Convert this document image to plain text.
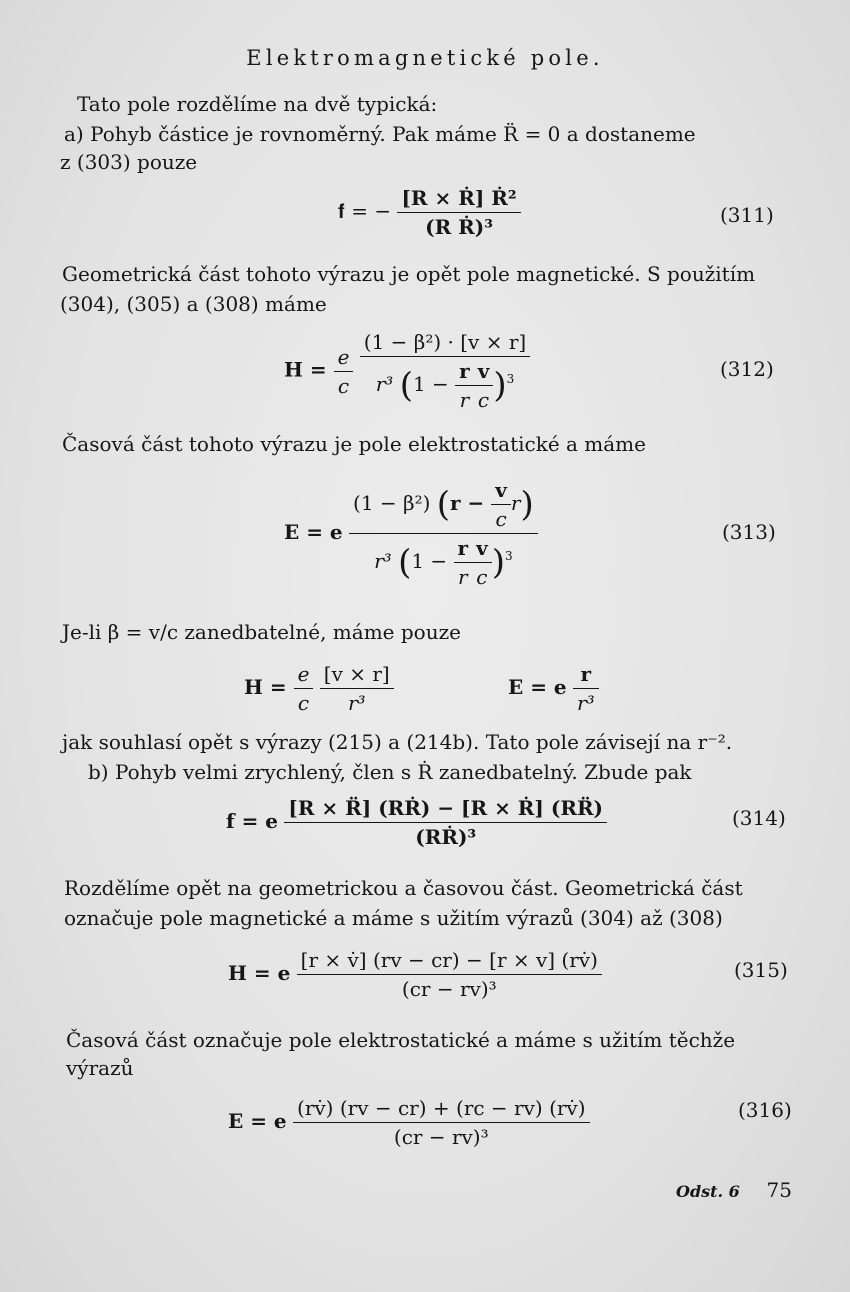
Elektromagnetické pole.
Tato pole rozdělíme na dvě typická:
a) Pohyb částice je rovnoměrný. Pak máme R̈ = 0 a dostaneme
z (303) pouze
𝐟 = − $\frac{\text{[R × Ṙ] Ṙ²}}{\text{(R Ṙ)³}}$	(311)
Geometrická část tohoto výrazu je opět pole magnetické. S použitím
(304), (305) a (308) máme
$H = \frac{e}{c}$
$\frac{\text{(1 − β²) · [v × r]}}{r^3 (1 - \frac{r}{r} \frac{v}{c} )^3}$	(312)
Časová část tohoto výrazu je pole elektrostatické a máme
E = e $\frac{(1 - \beta^2) (r - \frac{v}{c} r)}{r^3 (1 - \frac{r}{r} \frac{v}{c} )^3}$	(313)
Je-li β = v/c zanedbatelné, máme pouze
$H = \frac{e}{c}$
$\frac{[v \times r]}{\text{r³}}$	E = e $\frac{r}{\text{r³}}$
jak souhlasí opět s výrazy (215) a (214b). Tato pole závisejí na r⁻².
b) Pohyb velmi zrychlený, člen s Ṙ zanedbatelný. Zbude pak
𝐟 = e $\frac{\text{[R × R̈] (RṘ) − [R × Ṙ] (RR̈)}}{\text{(RṘ)³}}$	(314)
Rozdělíme opět na geometrickou a časovou část. Geometrická část
označuje pole magnetické a máme s užitím výrazů (304) až (308)
H = e $\frac{[r \times v̇] (rv - cr) - [r \times v] (rv̇)}{\text{(cr − rv)³}}$	(315)
Časová část označuje pole elektrostatické a máme s užitím těchže
výrazů
E = e $\frac{(rv̇) (rv - cr) + (rc - rv) (rv̇)}{\text{(cr − rv)³}}$	(316)
Odst. 6 75
